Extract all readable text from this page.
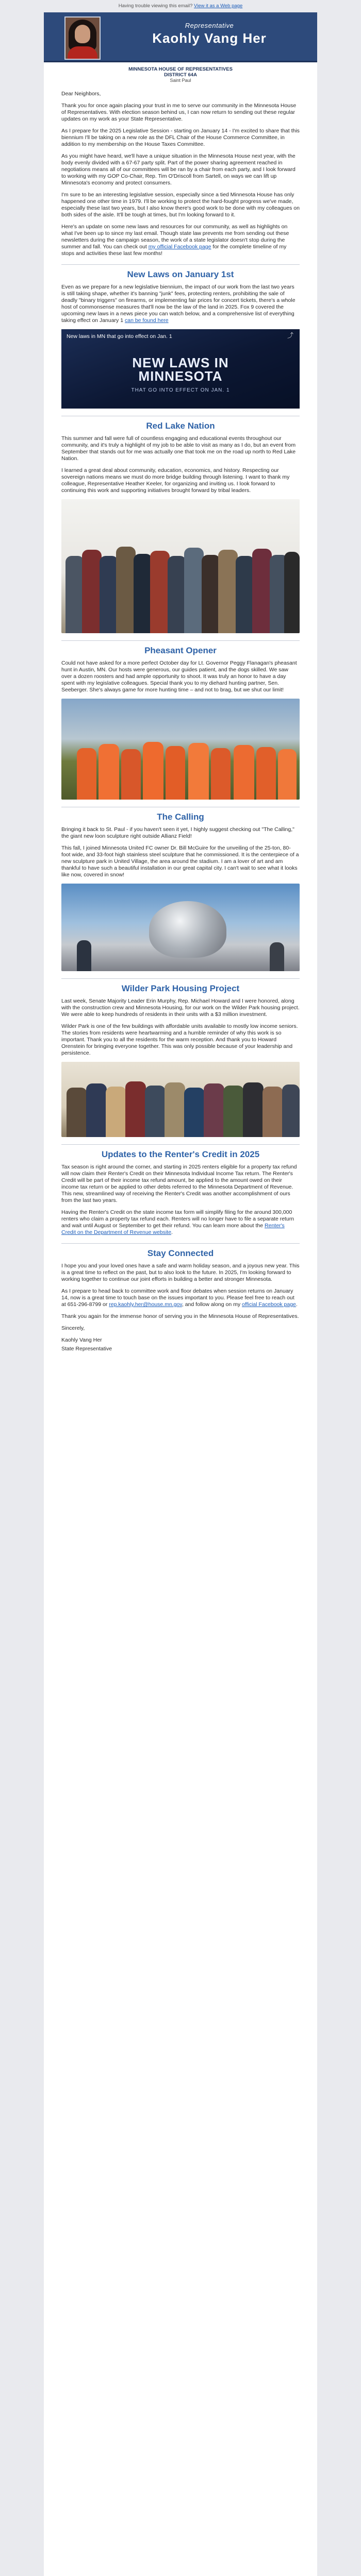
Having trouble viewing this email? View it as a Web page
Representative
Kaohly Vang Her
MINNESOTA HOUSE OF REPRESENTATIVES
DISTRICT 64A
Saint Paul

Dear Neighbors,

Thank you for once again placing your trust in me to serve our community in the Minnesota House of Representatives. With election season behind us, I can now return to sending out these regular updates on my work as your State Representative.

As I prepare for the 2025 Legislative Session - starting on January 14 - I'm excited to share that this biennium I'll be taking on a new role as the DFL Chair of the House Commerce Committee, in addition to my membership on the House Taxes Committee.

As you might have heard, we'll have a unique situation in the Minnesota House next year, with the body evenly divided with a 67-67 party split. Part of the power sharing agreement reached in negotiations means all of our committees will be ran by a chair from each party, and I look forward to working with my GOP Co-Chair, Rep. Tim O'Driscoll from Sartell, on ways we can lift up Minnesota's economy and protect consumers.

I'm sure to be an interesting legislative session, especially since a tied Minnesota House has only happened one other time in 1979. I'll be working to protect the hard-fought progress we've made, especially these last two years, but I also know there's good work to be done with my colleagues on both sides of the aisle. It'll be tough at times, but I'm looking forward to it.

Here's an update on some new laws and resources for our community, as well as highlights on what I've been up to since my last email. Though state law prevents me from sending out these newsletters during the campaign season, the work of a state legislator doesn't stop during the summer and fall. You can check out my official Facebook page for the complete timeline of my stops and activities these last few months!

New Laws on January 1st

Even as we prepare for a new legislative biennium, the impact of our work from the last two years is still taking shape, whether it's banning "junk" fees, protecting renters, prohibiting the sale of deadly "binary triggers" on firearms, or implementing fair prices for concert tickets, there's a whole host of commonsense measures that'll now be the law of the land in 2025. Fox 9 covered the upcoming new laws in a news piece you can watch below, and a comprehensive list of everything taking effect on January 1 can be found here

New laws in MN that go into effect on Jan. 1	⤴
NEW LAWS IN
MINNESOTA
THAT GO INTO EFFECT ON JAN. 1
Red Lake Nation

This summer and fall were full of countless engaging and educational events throughout our community, and it's truly a highlight of my job to be able to visit as many as I do, but an event from September that stands out for me was actually one that took me on the road up north to Red Lake Nation.

I learned a great deal about community, education, economics, and history. Respecting our sovereign nations means we must do more bridge building through listening. I want to thank my colleague, Representative Heather Keeler, for organizing and inviting us. I look forward to continuing this work and supporting initiatives brought forward by tribal leaders.

Pheasant Opener

Could not have asked for a more perfect October day for Lt. Governor Peggy Flanagan's pheasant hunt in Austin, MN. Our hosts were generous, our guides patient, and the dogs skilled. We saw over a dozen roosters and had ample opportunity to shoot. It was truly an honor to have a day spent with my legislative colleagues. Special thank you to my diehard hunting partner, Sen. Seeberger. She's always game for more hunting time – and not to brag, but we shut our limit!

The Calling

Bringing it back to St. Paul - if you haven't seen it yet, I highly suggest checking out "The Calling," the giant new loon sculpture right outside Allianz Field!

This fall, I joined Minnesota United FC owner Dr. Bill McGuire for the unveiling of the 25-ton, 80-foot wide, and 33-foot high stainless steel sculpture that he commissioned. It is the centerpiece of a new sculpture park in United Village, the area around the stadium. I am a lover of art and am thankful to have such a beautiful installation in our great capital city. I can't wait to see what it looks like now, covered in snow!

Wilder Park Housing Project

Last week, Senate Majority Leader Erin Murphy, Rep. Michael Howard and I were honored, along with the construction crew and Minnesota Housing, for our work on the Wilder Park housing project. We were able to keep hundreds of residents in their units with a $3 million investment.

Wilder Park is one of the few buildings with affordable units available to mostly low income seniors. The stories from residents were heartwarming and a humble reminder of why this work is so important. Thank you to all the residents for the warm reception. And thank you to Howard Orenstein for bringing everyone together. This was only possible because of your leadership and persistence.

Updates to the Renter's Credit in 2025

Tax season is right around the corner, and starting in 2025 renters eligible for a property tax refund will now claim their Renter's Credit on their Minnesota Individual Income Tax return. The Renter's Credit will be part of their income tax refund amount, be applied to the amount owed on their income tax return or be applied to other debts referred to the Minnesota Department of Revenue. This new, streamlined way of receiving the Renter's Credit was another accomplishment of ours from the last two years.

Having the Renter's Credit on the state income tax form will simplify filing for the around 300,000 renters who claim a property tax refund each. Renters will no longer have to file a separate return and wait until August or September to get their refund. You can learn more about the Renter's Credit on the Department of Revenue website.

Stay Connected

I hope you and your loved ones have a safe and warm holiday season, and a joyous new year. This is a great time to reflect on the past, but to also look to the future. In 2025, I'm looking forward to working together to continue our joint efforts in building a better and stronger Minnesota.

As I prepare to head back to committee work and floor debates when session returns on January 14, now is a great time to touch base on the issues important to you. Please feel free to reach out at 651-296-8799 or rep.kaohly.her@house.mn.gov, and follow along on my official Facebook page.

Thank you again for the immense honor of serving you in the Minnesota House of Representatives.

Sincerely,

Kaohly Vang Her

State Representative
